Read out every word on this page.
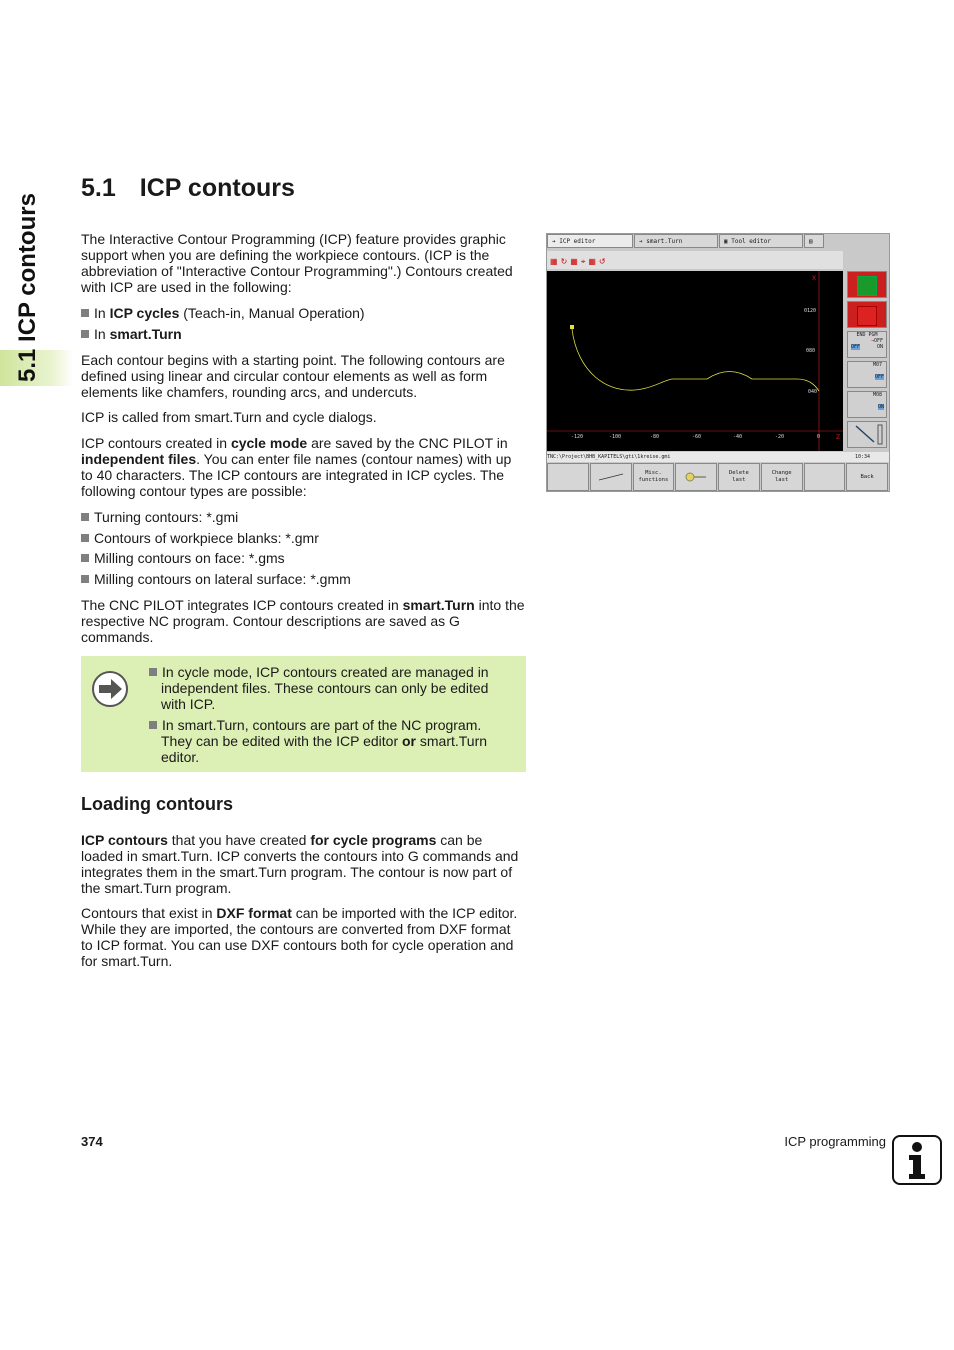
5.1 ICP contours
5.1 ICP contours

The Interactive Contour Programming (ICP) feature provides graphic support when you are defining the workpiece contours. (ICP is the abbreviation of "Interactive Contour Programming".) Contours created with ICP are used in the following:

In ICP cycles (Teach-in, Manual Operation)
In smart.Turn

Each contour begins with a starting point. The following contours are defined using linear and circular contour elements as well as form elements like chamfers, rounding arcs, and undercuts.

ICP is called from smart.Turn and cycle dialogs.

ICP contours created in cycle mode are saved by the CNC PILOT in independent files. You can enter file names (contour names) with up to 40 characters. The ICP contours are integrated in ICP cycles. The following contour types are possible:

Turning contours: *.gmi
Contours of workpiece blanks: *.gmr
Milling contours on face: *.gms
Milling contours on lateral surface: *.gmm

The CNC PILOT integrates ICP contours created in smart.Turn into the respective NC program. Contour descriptions are saved as G commands.

In cycle mode, ICP contours created are managed in independent files. These contours can only be edited with ICP.
In smart.Turn, contours are part of the NC program. They can be edited with the ICP editor or smart.Turn editor.
Loading contours

ICP contours that you have created for cycle programs can be loaded in smart.Turn. ICP converts the contours into G commands and integrates them in the smart.Turn program. The contour is now part of the smart.Turn program.

Contours that exist in DXF format can be imported with the ICP editor. While they are imported, the contours are converted from DXF format to ICP format. You can use DXF contours both for cycle operation and for smart.Turn.

➔ ICP editor	➔ smart.Turn	▣ Tool editor	▤
▦ ↻ ▦ ⌖ ▦ ↺
-120	-100	-80	-60	-40	-20	0
0120
080
040
X
Z
END PGM
→OFF
OFF	ON
M07
OFF
M08
ON
TNC:\Project\BHB_KAPITELS\gti\1kreise.gmi	10:34
Misc.
functions
Delete
last
Change
last
Back
374	ICP programming
